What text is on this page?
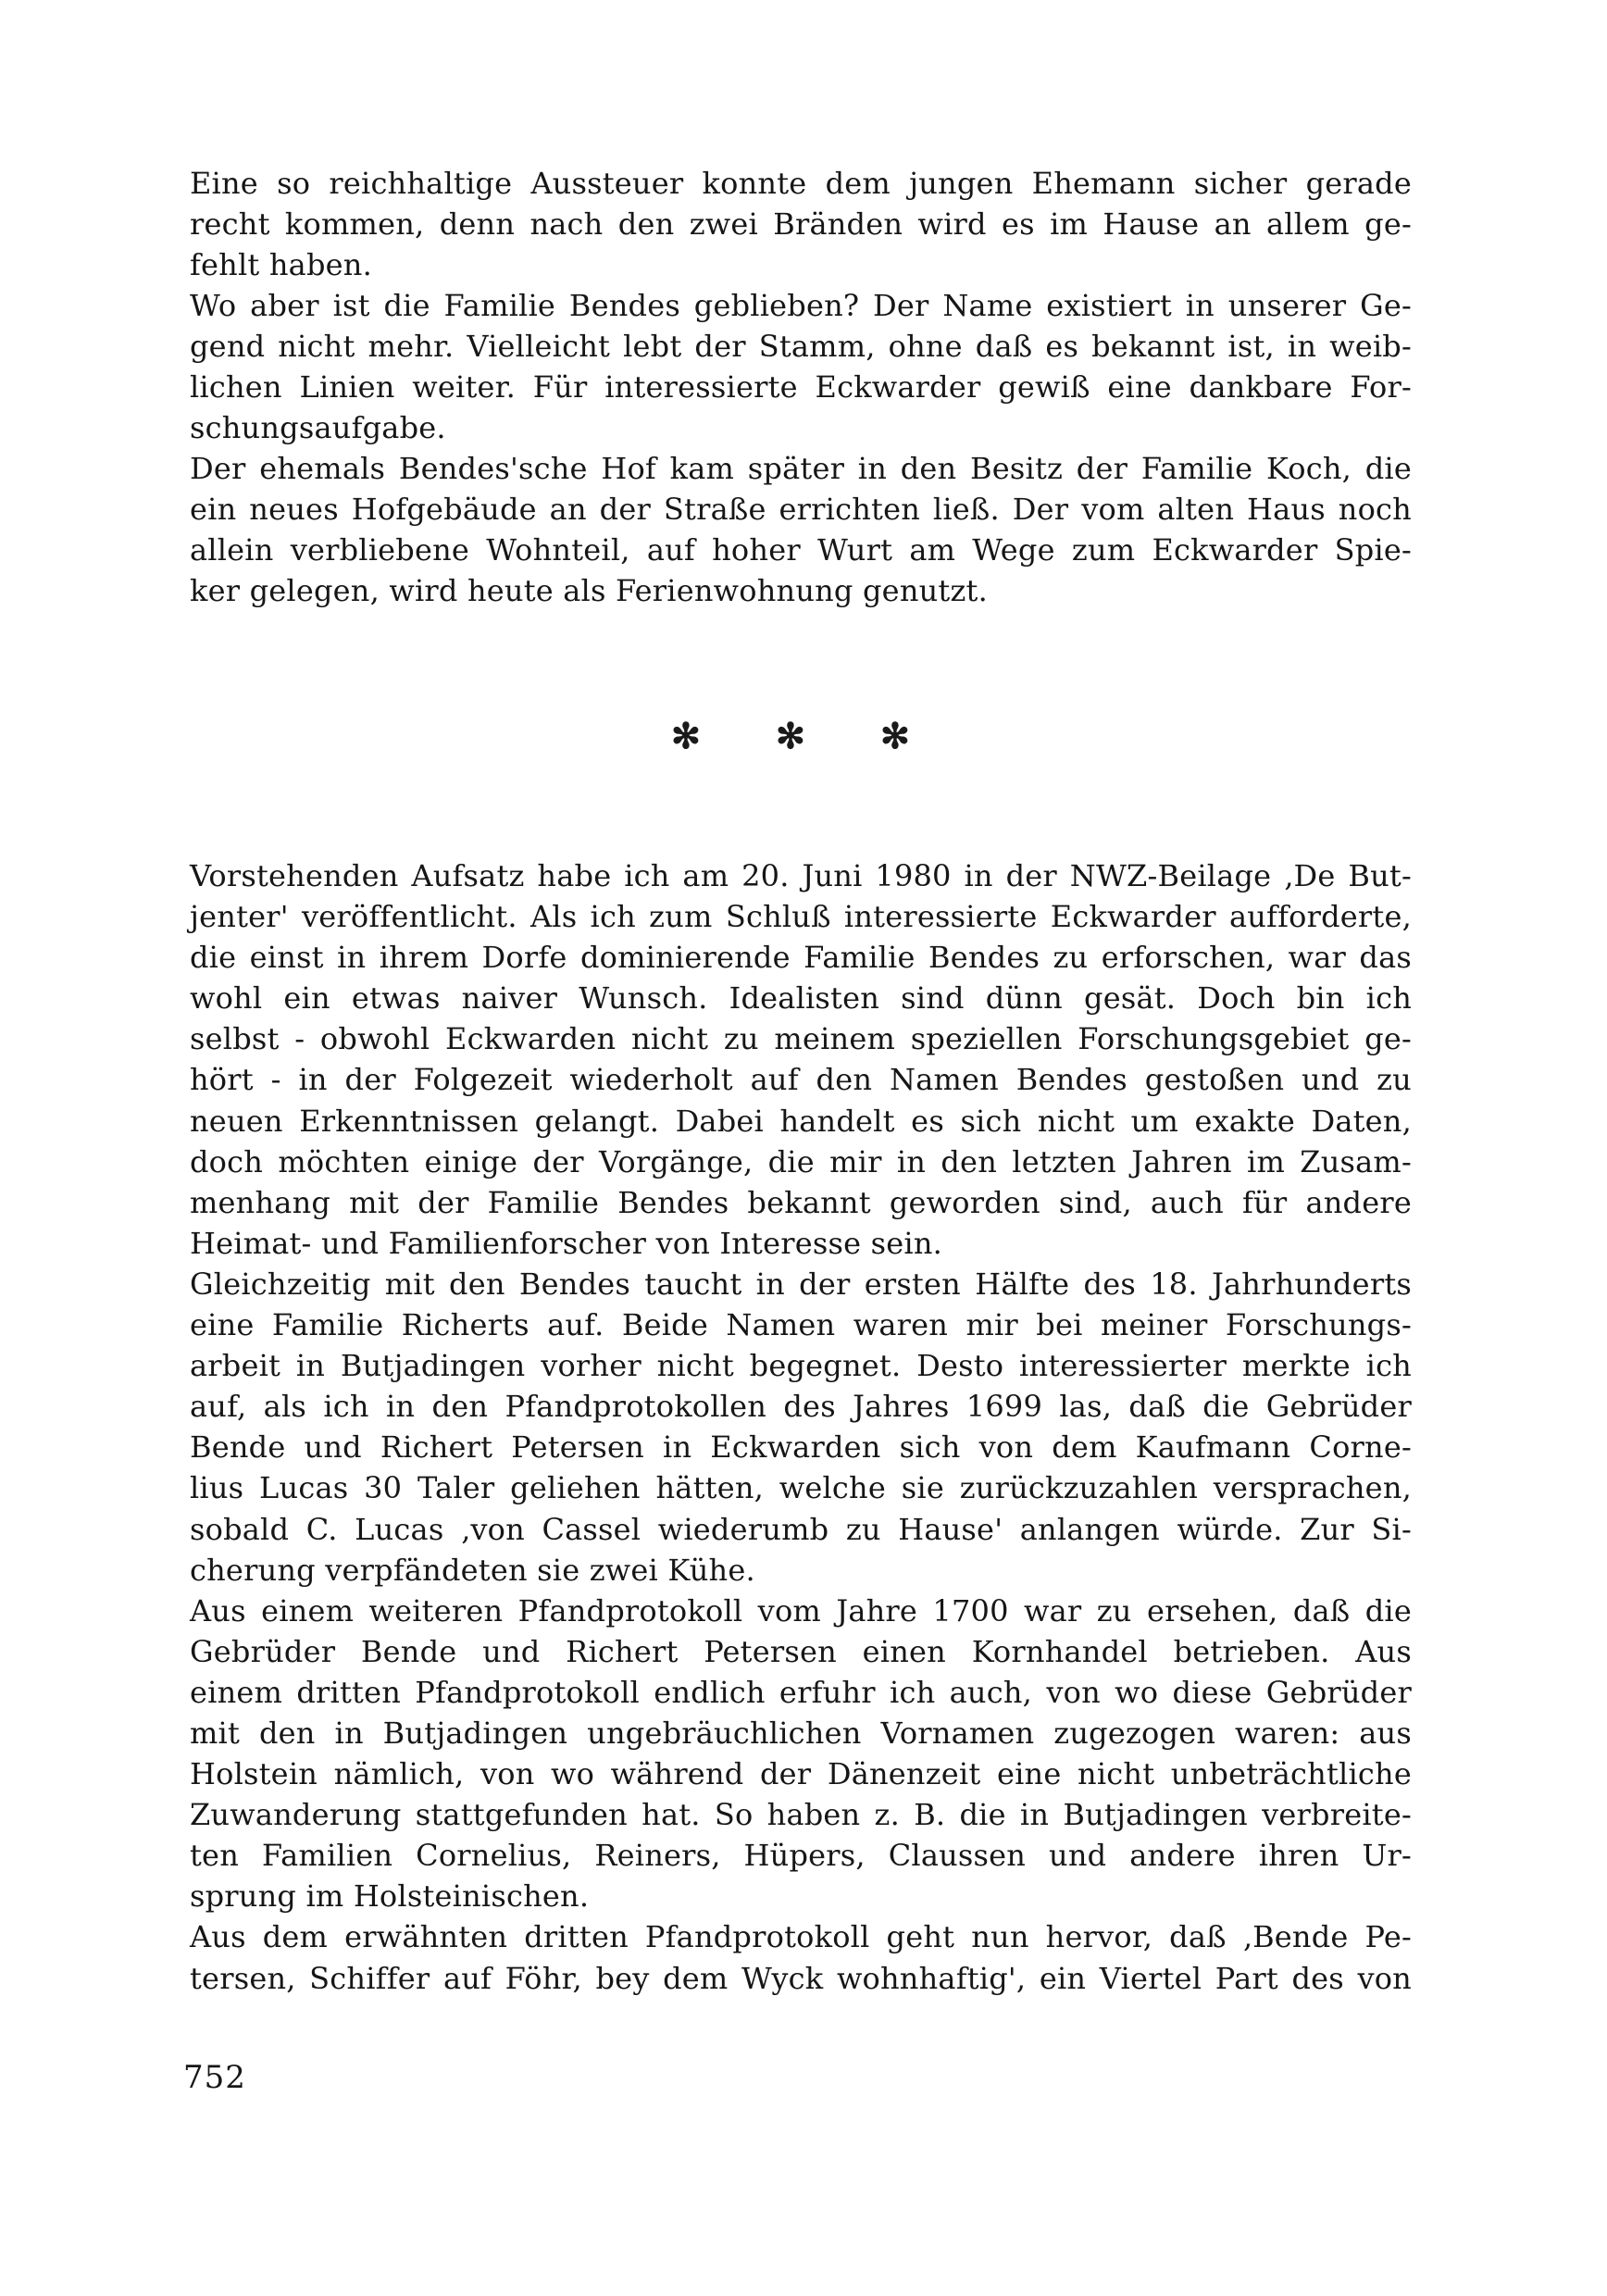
Eine so reichhaltige Aussteuer konnte dem jungen Ehemann sicher gerade
recht kommen, denn nach den zwei Bränden wird es im Hause an allem ge-
fehlt haben.
Wo aber ist die Familie Bendes geblieben? Der Name existiert in unserer Ge-
gend nicht mehr. Vielleicht lebt der Stamm, ohne daß es bekannt ist, in weib-
lichen Linien weiter. Für interessierte Eckwarder gewiß eine dankbare For-
schungsaufgabe.
Der ehemals Bendes'sche Hof kam später in den Besitz der Familie Koch, die
ein neues Hofgebäude an der Straße errichten ließ. Der vom alten Haus noch
allein verbliebene Wohnteil, auf hoher Wurt am Wege zum Eckwarder Spie-
ker gelegen, wird heute als Ferienwohnung genutzt.
✻ ✻ ✻
Vorstehenden Aufsatz habe ich am 20. Juni 1980 in der NWZ-Beilage ‚De But-
jenter' veröffentlicht. Als ich zum Schluß interessierte Eckwarder aufforderte,
die einst in ihrem Dorfe dominierende Familie Bendes zu erforschen, war das
wohl ein etwas naiver Wunsch. Idealisten sind dünn gesät. Doch bin ich
selbst - obwohl Eckwarden nicht zu meinem speziellen Forschungsgebiet ge-
hört - in der Folgezeit wiederholt auf den Namen Bendes gestoßen und zu
neuen Erkenntnissen gelangt. Dabei handelt es sich nicht um exakte Daten,
doch möchten einige der Vorgänge, die mir in den letzten Jahren im Zusam-
menhang mit der Familie Bendes bekannt geworden sind, auch für andere
Heimat- und Familienforscher von Interesse sein.
Gleichzeitig mit den Bendes taucht in der ersten Hälfte des 18. Jahrhunderts
eine Familie Richerts auf. Beide Namen waren mir bei meiner Forschungs-
arbeit in Butjadingen vorher nicht begegnet. Desto interessierter merkte ich
auf, als ich in den Pfandprotokollen des Jahres 1699 las, daß die Gebrüder
Bende und Richert Petersen in Eckwarden sich von dem Kaufmann Corne-
lius Lucas 30 Taler geliehen hätten, welche sie zurückzuzahlen versprachen,
sobald C. Lucas ‚von Cassel wiederumb zu Hause' anlangen würde. Zur Si-
cherung verpfändeten sie zwei Kühe.
Aus einem weiteren Pfandprotokoll vom Jahre 1700 war zu ersehen, daß die
Gebrüder Bende und Richert Petersen einen Kornhandel betrieben. Aus
einem dritten Pfandprotokoll endlich erfuhr ich auch, von wo diese Gebrüder
mit den in Butjadingen ungebräuchlichen Vornamen zugezogen waren: aus
Holstein nämlich, von wo während der Dänenzeit eine nicht unbeträchtliche
Zuwanderung stattgefunden hat. So haben z. B. die in Butjadingen verbreite-
ten Familien Cornelius, Reiners, Hüpers, Claussen und andere ihren Ur-
sprung im Holsteinischen.
Aus dem erwähnten dritten Pfandprotokoll geht nun hervor, daß ‚Bende Pe-
tersen, Schiffer auf Föhr, bey dem Wyck wohnhaftig', ein Viertel Part des von
752
